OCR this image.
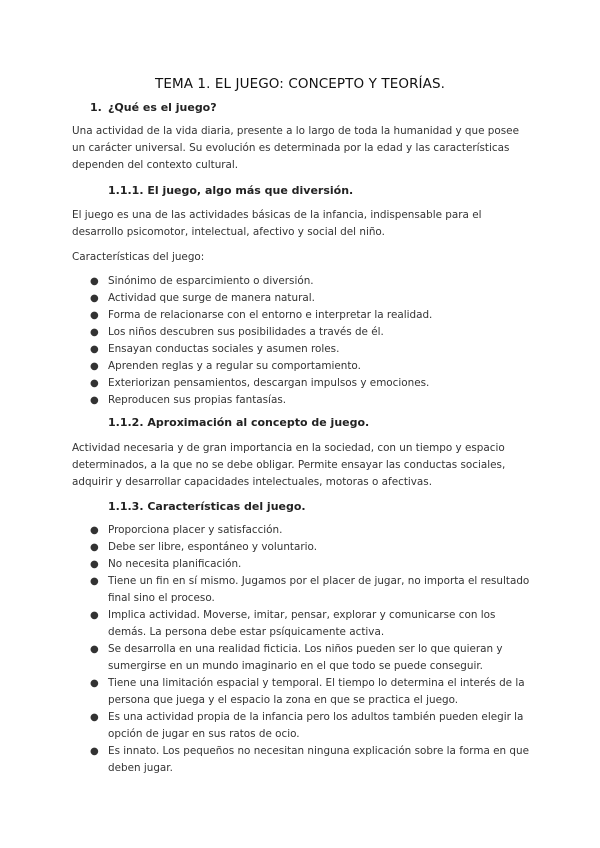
TEMA 1. EL JUEGO: CONCEPTO Y TEORÍAS.
1. ¿Qué es el juego?
Una actividad de la vida diaria, presente a lo largo de toda la humanidad y que posee un carácter universal. Su evolución es determinada por la edad y las características dependen del contexto cultural.
1.1.1. El juego, algo más que diversión.
El juego es una de las actividades básicas de la infancia, indispensable para el desarrollo psicomotor, intelectual, afectivo y social del niño.
Características del juego:
● Sinónimo de esparcimiento o diversión.
● Actividad que surge de manera natural.
● Forma de relacionarse con el entorno e interpretar la realidad.
● Los niños descubren sus posibilidades a través de él.
● Ensayan conductas sociales y asumen roles.
● Aprenden reglas y a regular su comportamiento.
● Exteriorizan pensamientos, descargan impulsos y emociones.
● Reproducen sus propias fantasías.
1.1.2. Aproximación al concepto de juego.
Actividad necesaria y de gran importancia en la sociedad, con un tiempo y espacio determinados, a la que no se debe obligar. Permite ensayar las conductas sociales, adquirir y desarrollar capacidades intelectuales, motoras o afectivas.
1.1.3. Características del juego.
● Proporciona placer y satisfacción.
● Debe ser libre, espontáneo y voluntario.
● No necesita planificación.
● Tiene un fin en sí mismo. Jugamos por el placer de jugar, no importa el resultado final sino el proceso.
● Implica actividad. Moverse, imitar, pensar, explorar y comunicarse con los demás. La persona debe estar psíquicamente activa.
● Se desarrolla en una realidad ficticia. Los niños pueden ser lo que quieran y sumergirse en un mundo imaginario en el que todo se puede conseguir.
● Tiene una limitación espacial y temporal. El tiempo lo determina el interés de la persona que juega y el espacio la zona en que se practica el juego.
● Es una actividad propia de la infancia pero los adultos también pueden elegir la opción de jugar en sus ratos de ocio.
● Es innato. Los pequeños no necesitan ninguna explicación sobre la forma en que deben jugar.
